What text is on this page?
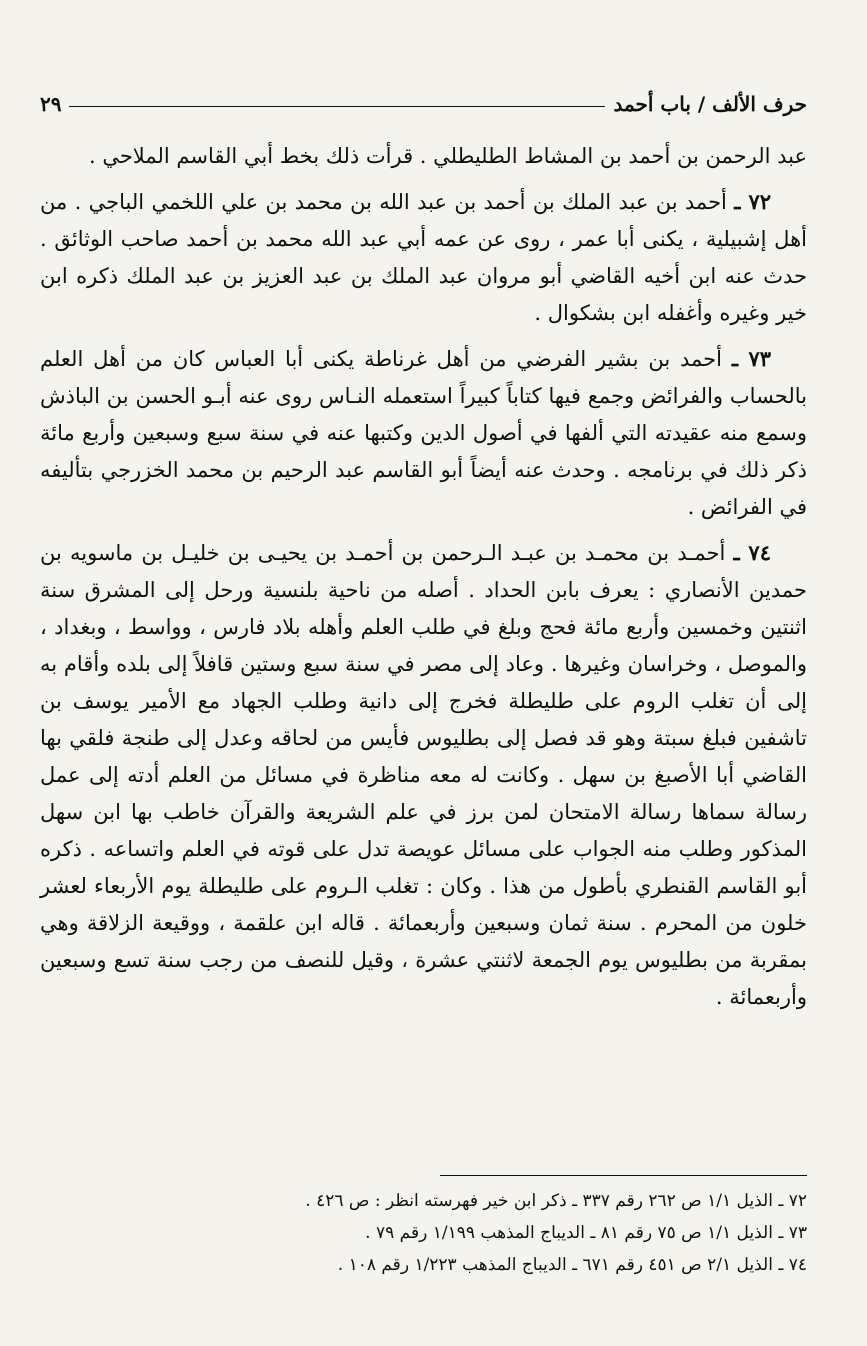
حرف الألف / باب أحمد
٢٩

عبد الرحمن بن أحمد بن المشاط الطليطلي . قرأت ذلك بخط أبي القاسم الملاحي .

٧٢ ـ أحمد بن عبد الملك بن أحمد بن عبد الله بن محمد بن علي اللخمي الباجي . من أهل إشبيلية ، يكنى أبا عمر ، روى عن عمه أبي عبد الله محمد بن أحمد صاحب الوثائق . حدث عنه ابن أخيه القاضي أبو مروان عبد الملك بن عبد العزيز بن عبد الملك ذكره ابن خير وغيره وأغفله ابن بشكوال .

٧٣ ـ أحمد بن بشير الفرضي من أهل غرناطة يكنى أبا العباس كان من أهل العلم بالحساب والفرائض وجمع فيها كتاباً كبيراً استعمله النـاس روى عنه أبـو الحسن بن الباذش وسمع منه عقيدته التي ألفها في أصول الدين وكتبها عنه في سنة سبع وسبعين وأربع مائة ذكر ذلك في برنامجه . وحدث عنه أيضاً أبو القاسم عبد الرحيم بن محمد الخزرجي بتأليفه في الفرائض .

٧٤ ـ أحمـد بن محمـد بن عبـد الـرحمن بن أحمـد بن يحيـى بن خليـل بن ماسويه بن حمدين الأنصاري : يعرف بابن الحداد . أصله من ناحية بلنسية ورحل إلى المشرق سنة اثنتين وخمسين وأربع مائة فحج وبلغ في طلب العلم وأهله بلاد فارس ، وواسط ، وبغداد ، والموصل ، وخراسان وغيرها . وعاد إلى مصر في سنة سبع وستين قافلاً إلى بلده وأقام به إلى أن تغلب الروم على طليطلة فخرج إلى دانية وطلب الجهاد مع الأمير يوسف بن تاشفين فبلغ سبتة وهو قد فصل إلى بطليوس فأيس من لحاقه وعدل إلى طنجة فلقي بها القاضي أبا الأصبغ بن سهل . وكانت له معه مناظرة في مسائل من العلم أدته إلى عمل رسالة سماها رسالة الامتحان لمن برز في علم الشريعة والقرآن خاطب بها ابن سهل المذكور وطلب منه الجواب على مسائل عويصة تدل على قوته في العلم واتساعه . ذكره أبو القاسم القنطري بأطول من هذا . وكان : تغلب الـروم على طليطلة يوم الأربعاء لعشر خلون من المحرم . سنة ثمان وسبعين وأربعمائة . قاله ابن علقمة ، ووقيعة الزلاقة وهي بمقربة من بطليوس يوم الجمعة لاثنتي عشرة ، وقيل للنصف من رجب سنة تسع وسبعين وأربعمائة .

٧٢ ـ الذيل ١/١ ص ٢٦٢ رقم ٣٣٧ ـ ذكر ابن خير فهرسته انظر : ص ٤٢٦ .
٧٣ ـ الذيل ١/١ ص ٧٥ رقم ٨١ ـ الديباج المذهب ١/١٩٩ رقم ٧٩ .
٧٤ ـ الذيل ٢/١ ص ٤٥١ رقم ٦٧١ ـ الديباج المذهب ١/٢٢٣ رقم ١٠٨ .
